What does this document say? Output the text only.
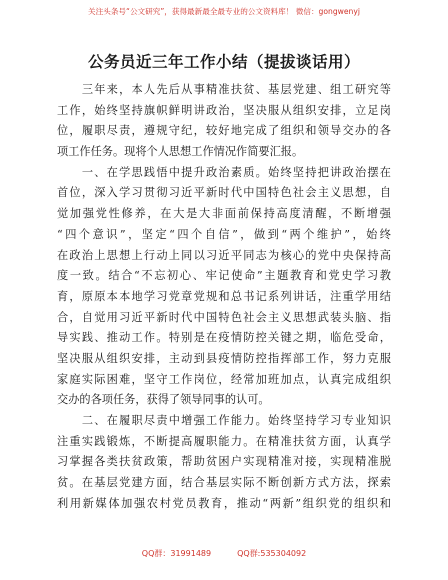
关注头条号“公文研究”，获得最新最全最专业的公文资料库！ 微信：gongwenyj
公务员近三年工作小结（提拔谈话用）

　　三年来，本人先后从事精准扶贫、基层党建、组工研究等
工作，始终坚持旗帜鲜明讲政治，坚决服从组织安排，立足岗
位，履职尽责，遵规守纪，较好地完成了组织和领导交办的各
项工作任务。现将个人思想工作情况作简要汇报。

　　一、在学思践悟中提升政治素质。始终坚持把讲政治摆在
首位，深入学习贯彻习近平新时代中国特色社会主义思想，自
觉加强党性修养，在大是大非面前保持高度清醒，不断增强
“四个意识”，坚定“四个自信”，做到“两个维护”，始终
在政治上思想上行动上同以习近平同志为核心的党中央保持高
度一致。结合“不忘初心、牢记使命”主题教育和党史学习教
育，原原本本地学习党章党规和总书记系列讲话，注重学用结
合，自觉用习近平新时代中国特色社会主义思想武装头脑、指
导实践、推动工作。特别是在疫情防控关键之期，临危受命，
坚决服从组织安排，主动到县疫情防控指挥部工作，努力克服
家庭实际困难，坚守工作岗位，经常加班加点，认真完成组织
交办的各项任务，获得了领导同事的认可。

　　二、在履职尽责中增强工作能力。始终坚持学习专业知识
注重实践锻炼，不断提高履职能力。在精准扶贫方面，认真学
习掌握各类扶贫政策，帮助贫困户实现精准对接，实现精准脱
贫。在基层党建方面，结合基层实际不断创新方式方法，探索
利用新媒体加强农村党员教育，推动“两新”组织党的组织和

QQ群：31991489	QQ群:535304092
